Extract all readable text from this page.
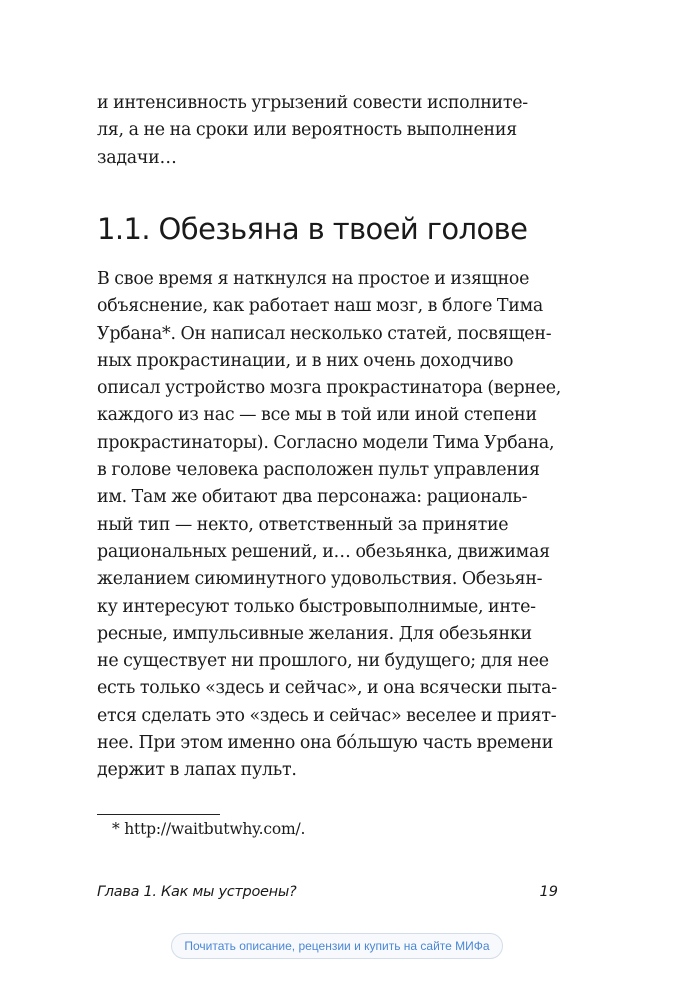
и интенсивность угрызений совести исполните-
ля, а не на сроки или вероятность выполнения
задачи…

1.1. Обезьяна в твоей голове

В свое время я наткнулся на простое и изящное
объяснение, как работает наш мозг, в блоге Тима
Урбана*. Он написал несколько статей, посвящен-
ных прокрастинации, и в них очень доходчиво
описал устройство мозга прокрастинатора (вернее,
каждого из нас — все мы в той или иной степени
прокрастинаторы). Согласно модели Тима Урбана,
в голове человека расположен пульт управления
им. Там же обитают два персонажа: рациональ-
ный тип — некто, ответственный за принятие
рациональных решений, и… обезьянка, движимая
желанием сиюминутного удовольствия. Обезьян-
ку интересуют только быстровыполнимые, инте-
ресные, импульсивные желания. Для обезьянки
не существует ни прошлого, ни будущего; для нее
есть только «здесь и сейчас», и она всячески пыта-
ется сделать это «здесь и сейчас» веселее и прият-
нее. При этом именно она бóльшую часть времени
держит в лапах пульт.

* http://waitbutwhy.com/.

Глава 1. Как мы устроены?	19
Почитать описание, рецензии и купить на сайте МИФа
